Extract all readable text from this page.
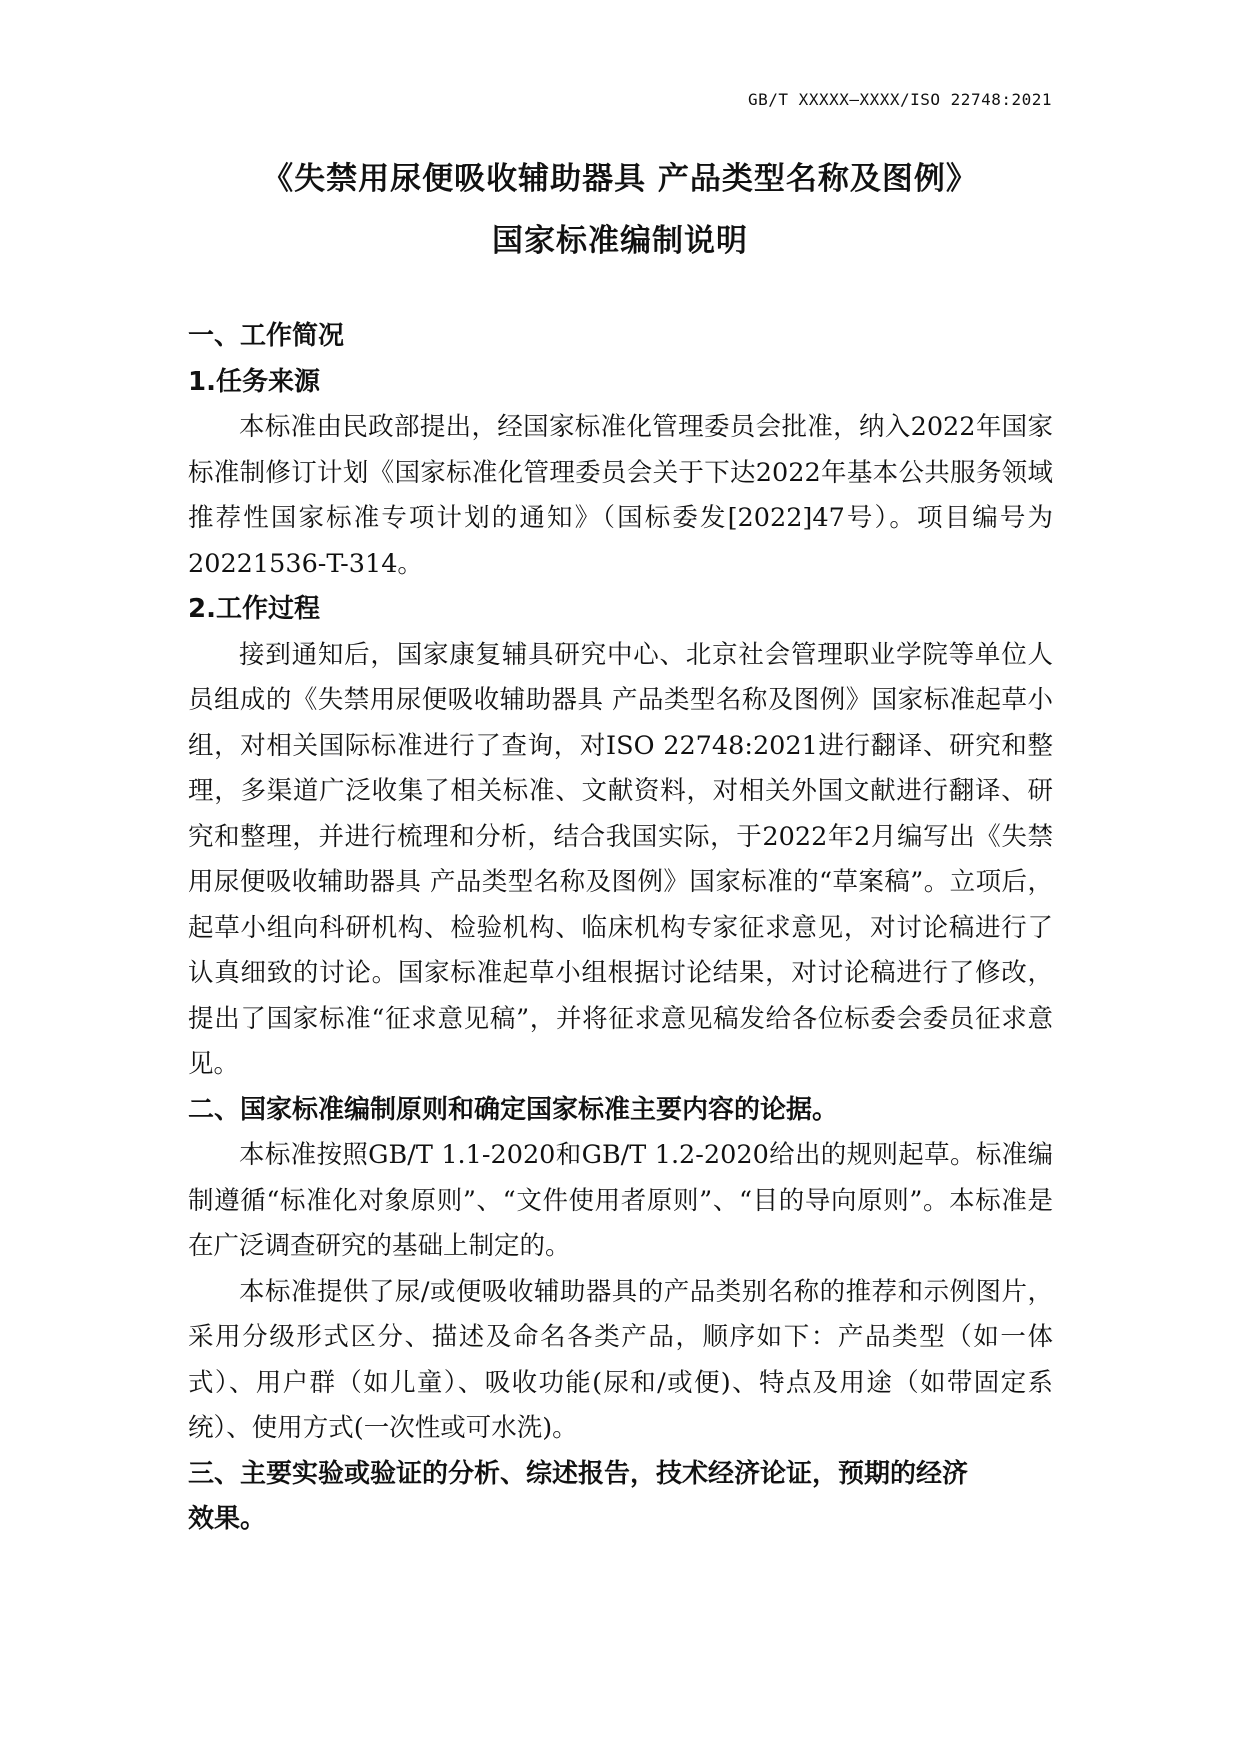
GB/T XXXXX—XXXX/ISO 22748:2021
《失禁用尿便吸收辅助器具 产品类型名称及图例》
国家标准编制说明

一、工作简况

1.任务来源

本标准由民政部提出，经国家标准化管理委员会批准，纳入2022年国家标准制修订计划《国家标准化管理委员会关于下达2022年基本公共服务领域推荐性国家标准专项计划的通知》（国标委发[2022]47号）。项目编号为20221536-T-314。

2.工作过程

接到通知后，国家康复辅具研究中心、北京社会管理职业学院等单位人员组成的《失禁用尿便吸收辅助器具 产品类型名称及图例》国家标准起草小组，对相关国际标准进行了查询，对ISO 22748:2021进行翻译、研究和整理，多渠道广泛收集了相关标准、文献资料，对相关外国文献进行翻译、研究和整理，并进行梳理和分析，结合我国实际，于2022年2月编写出《失禁用尿便吸收辅助器具 产品类型名称及图例》国家标准的“草案稿”。立项后，起草小组向科研机构、检验机构、临床机构专家征求意见，对讨论稿进行了认真细致的讨论。国家标准起草小组根据讨论结果，对讨论稿进行了修改，提出了国家标准“征求意见稿”，并将征求意见稿发给各位标委会委员征求意见。

二、国家标准编制原则和确定国家标准主要内容的论据。

本标准按照GB/T 1.1-2020和GB/T 1.2-2020给出的规则起草。标准编制遵循“标准化对象原则”、“文件使用者原则”、“目的导向原则”。本标准是在广泛调查研究的基础上制定的。

本标准提供了尿/或便吸收辅助器具的产品类别名称的推荐和示例图片，采用分级形式区分、描述及命名各类产品，顺序如下：产品类型（如一体式）、用户群（如儿童）、吸收功能(尿和/或便)、特点及用途（如带固定系统）、使用方式(一次性或可水洗)。

三、主要实验或验证的分析、综述报告，技术经济论证，预期的经济

效果。
